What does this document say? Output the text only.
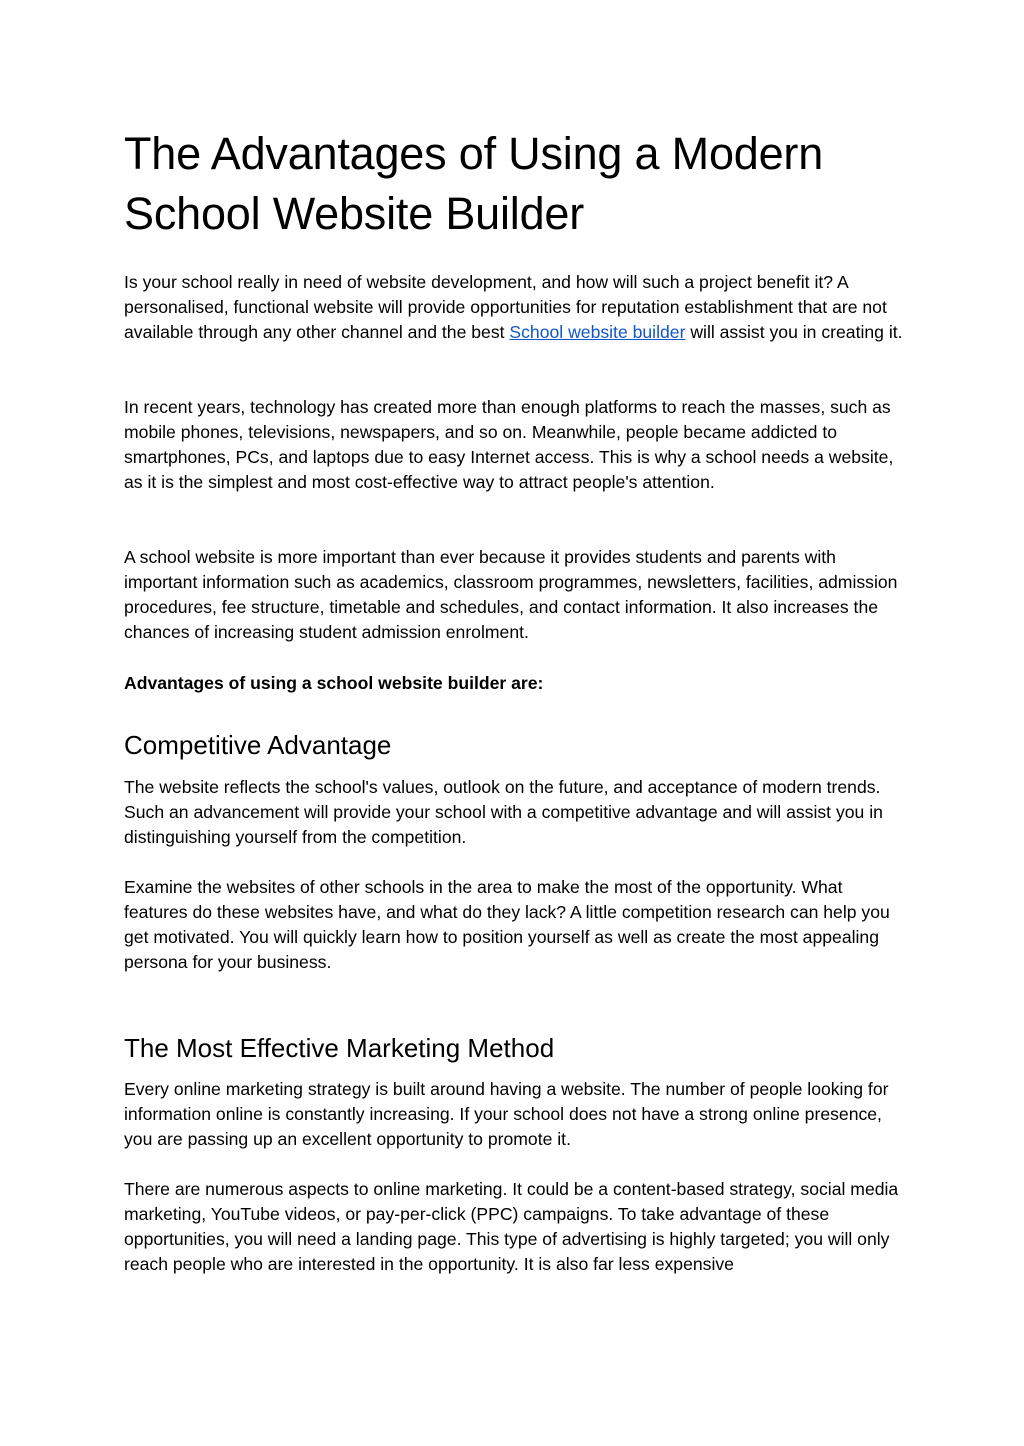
The Advantages of Using a Modern School Website Builder

Is your school really in need of website development, and how will such a project benefit it? A personalised, functional website will provide opportunities for reputation establishment that are not available through any other channel and the best School website builder will assist you in creating it.

In recent years, technology has created more than enough platforms to reach the masses, such as mobile phones, televisions, newspapers, and so on. Meanwhile, people became addicted to smartphones, PCs, and laptops due to easy Internet access. This is why a school needs a website, as it is the simplest and most cost-effective way to attract people's attention.

A school website is more important than ever because it provides students and parents with important information such as academics, classroom programmes, newsletters, facilities, admission procedures, fee structure, timetable and schedules, and contact information. It also increases the chances of increasing student admission enrolment.

Advantages of using a school website builder are:

Competitive Advantage

The website reflects the school's values, outlook on the future, and acceptance of modern trends. Such an advancement will provide your school with a competitive advantage and will assist you in distinguishing yourself from the competition.

Examine the websites of other schools in the area to make the most of the opportunity. What features do these websites have, and what do they lack? A little competition research can help you get motivated. You will quickly learn how to position yourself as well as create the most appealing persona for your business.

The Most Effective Marketing Method

Every online marketing strategy is built around having a website. The number of people looking for information online is constantly increasing. If your school does not have a strong online presence, you are passing up an excellent opportunity to promote it.

There are numerous aspects to online marketing. It could be a content-based strategy, social media marketing, YouTube videos, or pay-per-click (PPC) campaigns. To take advantage of these opportunities, you will need a landing page. This type of advertising is highly targeted; you will only reach people who are interested in the opportunity. It is also far less expensive
